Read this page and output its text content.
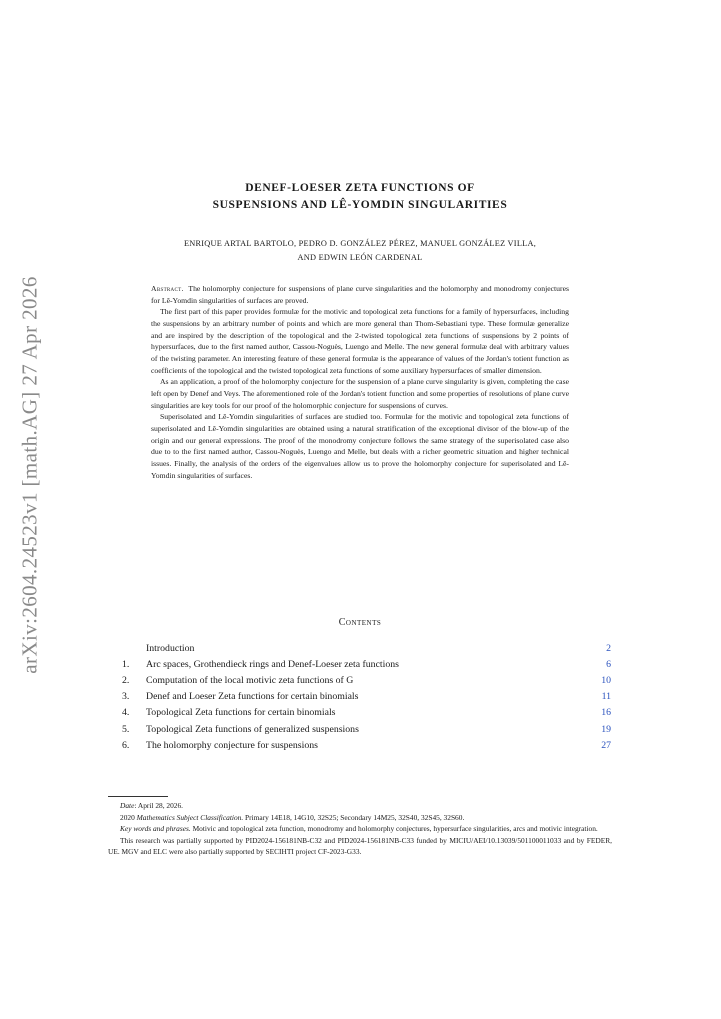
arXiv:2604.24523v1 [math.AG] 27 Apr 2026
DENEF-LOESER ZETA FUNCTIONS OF
SUSPENSIONS AND LÊ-YOMDIN SINGULARITIES
ENRIQUE ARTAL BARTOLO, PEDRO D. GONZÁLEZ PÉREZ, MANUEL GONZÁLEZ VILLA,
AND EDWIN LEÓN CARDENAL

Abstract. The holomorphy conjecture for suspensions of plane curve singularities and the holomorphy and monodromy conjectures for Lê-Yomdin singularities of surfaces are proved.

The first part of this paper provides formulæ for the motivic and topological zeta functions for a family of hypersurfaces, including the suspensions by an arbitrary number of points and which are more general than Thom-Sebastiani type. These formulæ generalize and are inspired by the description of the topological and the 2-twisted topological zeta functions of suspensions by 2 points of hypersurfaces, due to the first named author, Cassou-Noguès, Luengo and Melle. The new general formulæ deal with arbitrary values of the twisting parameter. An interesting feature of these general formulæ is the appearance of values of the Jordan's totient function as coefficients of the topological and the twisted topological zeta functions of some auxiliary hypersurfaces of smaller dimension.

As an application, a proof of the holomorphy conjecture for the suspension of a plane curve singularity is given, completing the case left open by Denef and Veys. The aforementioned role of the Jordan's totient function and some properties of resolutions of plane curve singularities are key tools for our proof of the holomorphic conjecture for suspensions of curves.

Superisolated and Lê-Yomdin singularities of surfaces are studied too. Formulæ for the motivic and topological zeta functions of superisolated and Lê-Yomdin singularities are obtained using a natural stratification of the exceptional divisor of the blow-up of the origin and our general expressions. The proof of the monodromy conjecture follows the same strategy of the superisolated case also due to to the first named author, Cassou-Noguès, Luengo and Melle, but deals with a richer geometric situation and higher technical issues. Finally, the analysis of the orders of the eigenvalues allow us to prove the holomorphy conjecture for superisolated and Lê-Yomdin singularities of surfaces.

Contents
Introduction	2
1.	Arc spaces, Grothendieck rings and Denef-Loeser zeta functions	6
2.	Computation of the local motivic zeta functions of G	10
3.	Denef and Loeser Zeta functions for certain binomials	11
4.	Topological Zeta functions for certain binomials	16
5.	Topological Zeta functions of generalized suspensions	19
6.	The holomorphy conjecture for suspensions	27

Date: April 28, 2026.

2020 Mathematics Subject Classification. Primary 14E18, 14G10, 32S25; Secondary 14M25, 32S40, 32S45, 32S60.

Key words and phrases. Motivic and topological zeta function, monodromy and holomorphy conjectures, hypersurface singularities, arcs and motivic integration.

This research was partially supported by PID2024-156181NB-C32 and PID2024-156181NB-C33 funded by MICIU/AEI/10.13039/501100011033 and by FEDER, UE. MGV and ELC were also partially supported by SECIHTI project CF-2023-G33.
